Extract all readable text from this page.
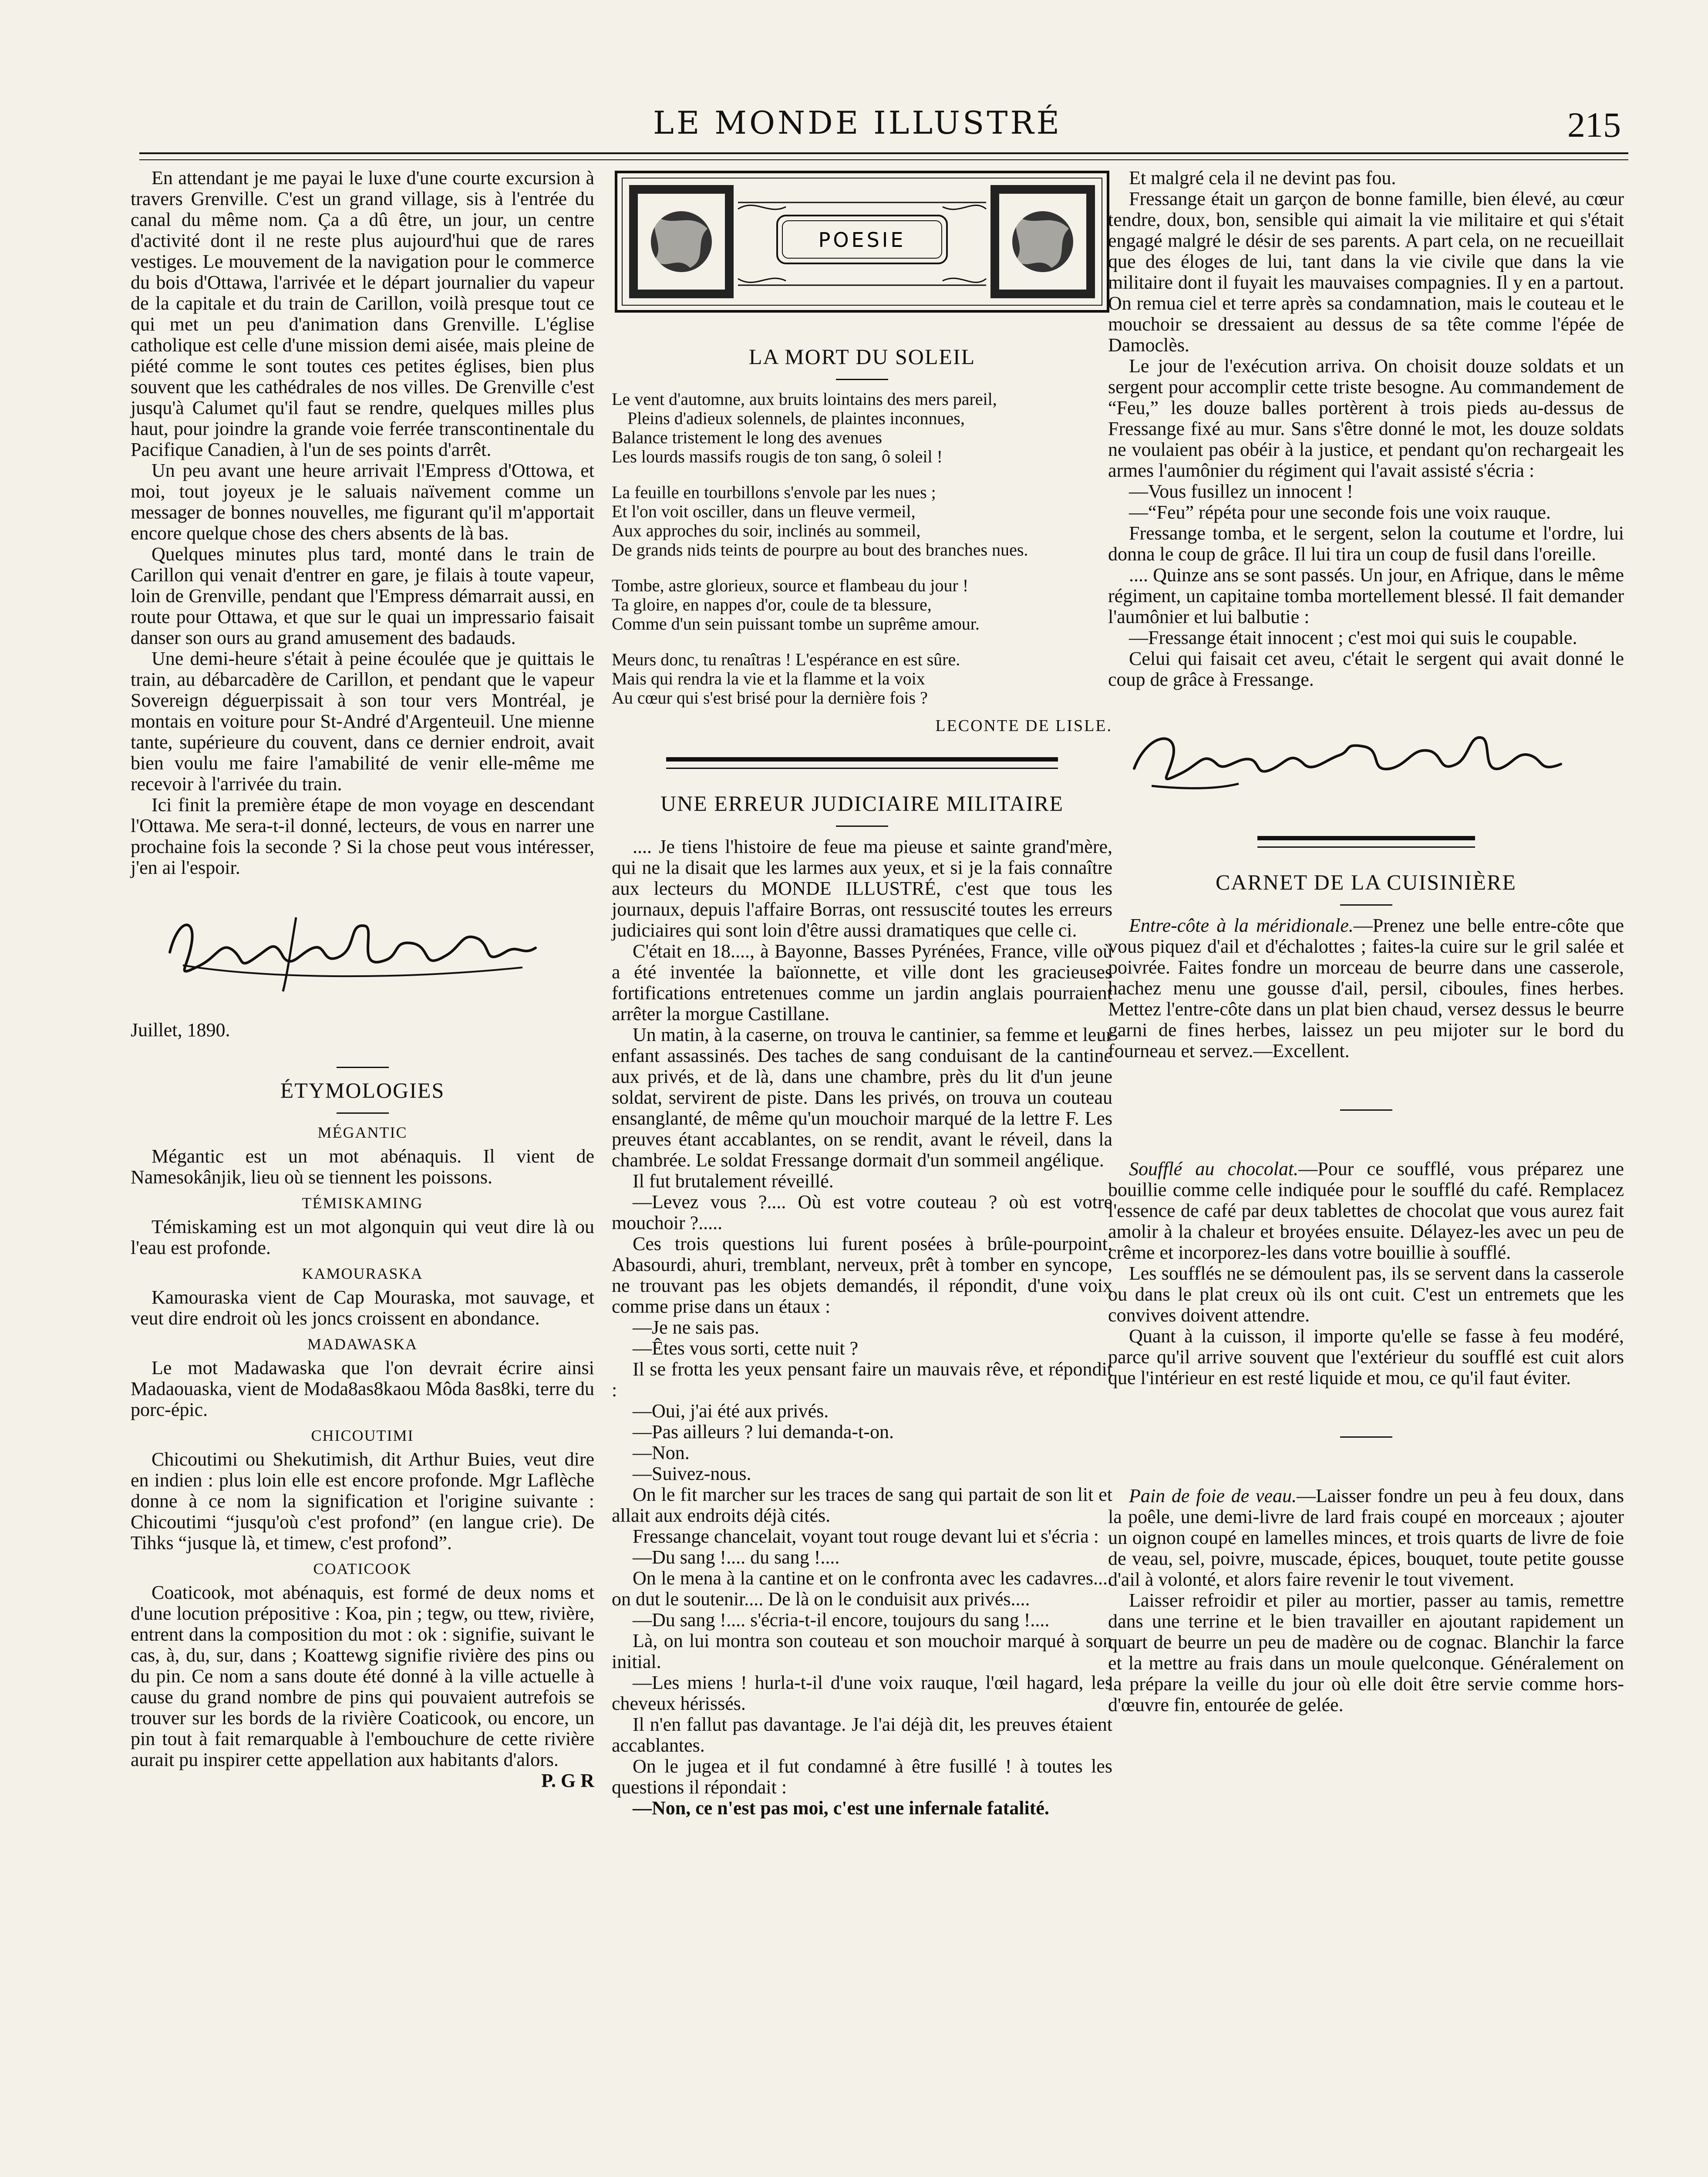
LE MONDE ILLUSTRÉ	215

En attendant je me payai le luxe d'une courte excursion à travers Grenville. C'est un grand village, sis à l'entrée du canal du même nom. Ça a dû être, un jour, un centre d'activité dont il ne reste plus aujourd'hui que de rares vestiges. Le mouvement de la navigation pour le commerce du bois d'Ottawa, l'arrivée et le départ journalier du vapeur de la capitale et du train de Carillon, voilà presque tout ce qui met un peu d'animation dans Grenville. L'église catholique est celle d'une mission demi aisée, mais pleine de piété comme le sont toutes ces petites églises, bien plus souvent que les cathédrales de nos villes. De Grenville c'est jusqu'à Calumet qu'il faut se rendre, quelques milles plus haut, pour joindre la grande voie ferrée transcontinentale du Pacifique Canadien, à l'un de ses points d'arrêt.

Un peu avant une heure arrivait l'Empress d'Ottowa, et moi, tout joyeux je le saluais naïvement comme un messager de bonnes nouvelles, me figurant qu'il m'apportait encore quelque chose des chers absents de là bas.

Quelques minutes plus tard, monté dans le train de Carillon qui venait d'entrer en gare, je filais à toute vapeur, loin de Grenville, pendant que l'Empress démarrait aussi, en route pour Ottawa, et que sur le quai un impressario faisait danser son ours au grand amusement des badauds.

Une demi-heure s'était à peine écoulée que je quittais le train, au débarcadère de Carillon, et pendant que le vapeur Sovereign déguerpissait à son tour vers Montréal, je montais en voiture pour St-André d'Argenteuil. Une mienne tante, supérieure du couvent, dans ce dernier endroit, avait bien voulu me faire l'amabilité de venir elle-même me recevoir à l'arrivée du train.

Ici finit la première étape de mon voyage en descendant l'Ottawa. Me sera-t-il donné, lecteurs, de vous en narrer une prochaine fois la seconde ? Si la chose peut vous intéresser, j'en ai l'espoir.

Juillet, 1890.

ÉTYMOLOGIES
MÉGANTIC

Mégantic est un mot abénaquis. Il vient de Namesokânjik, lieu où se tiennent les poissons.

TÉMISKAMING

Témiskaming est un mot algonquin qui veut dire là ou l'eau est profonde.

KAMOURASKA

Kamouraska vient de Cap Mouraska, mot sauvage, et veut dire endroit où les joncs croissent en abondance.

MADAWASKA

Le mot Madawaska que l'on devrait écrire ainsi Madaouaska, vient de Moda8as8kaou Môda 8as8ki, terre du porc-épic.

CHICOUTIMI

Chicoutimi ou Shekutimish, dit Arthur Buies, veut dire en indien : plus loin elle est encore profonde. Mgr Laflèche donne à ce nom la signification et l'origine suivante : Chicoutimi “jusqu'où c'est profond” (en langue crie). De Tihks “jusque là, et timew, c'est profond”.

COATICOOK

Coaticook, mot abénaquis, est formé de deux noms et d'une locution prépositive : Koa, pin ; tegw, ou ttew, rivière, entrent dans la composition du mot : ok : signifie, suivant le cas, à, du, sur, dans ; Koattewg signifie rivière des pins ou du pin. Ce nom a sans doute été donné à la ville actuelle à cause du grand nombre de pins qui pouvaient autrefois se trouver sur les bords de la rivière Coaticook, ou encore, un pin tout à fait remarquable à l'embouchure de cette rivière aurait pu inspirer cette appellation aux habitants d'alors.
P. G R

POESIE
LA MORT DU SOLEIL
Le vent d'automne, aux bruits lointains des mers pareil,
Pleins d'adieux solennels, de plaintes inconnues,
Balance tristement le long des avenues
Les lourds massifs rougis de ton sang, ô soleil !
La feuille en tourbillons s'envole par les nues ;
Et l'on voit osciller, dans un fleuve vermeil,
Aux approches du soir, inclinés au sommeil,
De grands nids teints de pourpre au bout des branches nues.
Tombe, astre glorieux, source et flambeau du jour !
Ta gloire, en nappes d'or, coule de ta blessure,
Comme d'un sein puissant tombe un suprême amour.
Meurs donc, tu renaîtras ! L'espérance en est sûre.
Mais qui rendra la vie et la flamme et la voix
Au cœur qui s'est brisé pour la dernière fois ?
LECONTE DE LISLE.
UNE ERREUR JUDICIAIRE MILITAIRE

.... Je tiens l'histoire de feue ma pieuse et sainte grand'mère, qui ne la disait que les larmes aux yeux, et si je la fais connaître aux lecteurs du MONDE ILLUSTRÉ, c'est que tous les journaux, depuis l'affaire Borras, ont ressuscité toutes les erreurs judiciaires qui sont loin d'être aussi dramatiques que celle ci.

C'était en 18...., à Bayonne, Basses Pyrénées, France, ville où a été inventée la baïonnette, et ville dont les gracieuses fortifications entretenues comme un jardin anglais pourraient arrêter la morgue Castillane.

Un matin, à la caserne, on trouva le cantinier, sa femme et leur enfant assassinés. Des taches de sang conduisant de la cantine aux privés, et de là, dans une chambre, près du lit d'un jeune soldat, servirent de piste. Dans les privés, on trouva un couteau ensanglanté, de même qu'un mouchoir marqué de la lettre F. Les preuves étant accablantes, on se rendit, avant le réveil, dans la chambrée. Le soldat Fressange dormait d'un sommeil angélique.

Il fut brutalement réveillé.

—Levez vous ?.... Où est votre couteau ? où est votre mouchoir ?.....

Ces trois questions lui furent posées à brûle-pourpoint. Abasourdi, ahuri, tremblant, nerveux, prêt à tomber en syncope, ne trouvant pas les objets demandés, il répondit, d'une voix comme prise dans un étaux :

—Je ne sais pas.

—Êtes vous sorti, cette nuit ?

Il se frotta les yeux pensant faire un mauvais rêve, et répondit :

—Oui, j'ai été aux privés.

—Pas ailleurs ? lui demanda-t-on.

—Non.

—Suivez-nous.

On le fit marcher sur les traces de sang qui partait de son lit et allait aux endroits déjà cités.

Fressange chancelait, voyant tout rouge devant lui et s'écria :

—Du sang !.... du sang !....

On le mena à la cantine et on le confronta avec les cadavres.... on dut le soutenir.... De là on le conduisit aux privés....

—Du sang !.... s'écria-t-il encore, toujours du sang !....

Là, on lui montra son couteau et son mouchoir marqué à son initial.

—Les miens ! hurla-t-il d'une voix rauque, l'œil hagard, les cheveux hérissés.

Il n'en fallut pas davantage. Je l'ai déjà dit, les preuves étaient accablantes.

On le jugea et il fut condamné à être fusillé ! à toutes les questions il répondait :

—Non, ce n'est pas moi, c'est une infernale fatalité.

Et malgré cela il ne devint pas fou.

Fressange était un garçon de bonne famille, bien élevé, au cœur tendre, doux, bon, sensible qui aimait la vie militaire et qui s'était engagé malgré le désir de ses parents. A part cela, on ne recueillait que des éloges de lui, tant dans la vie civile que dans la vie militaire dont il fuyait les mauvaises compagnies. Il y en a partout. On remua ciel et terre après sa condamnation, mais le couteau et le mouchoir se dressaient au dessus de sa tête comme l'épée de Damoclès.

Le jour de l'exécution arriva. On choisit douze soldats et un sergent pour accomplir cette triste besogne. Au commandement de “Feu,” les douze balles portèrent à trois pieds au-dessus de Fressange fixé au mur. Sans s'être donné le mot, les douze soldats ne voulaient pas obéir à la justice, et pendant qu'on rechargeait les armes l'aumônier du régiment qui l'avait assisté s'écria :

—Vous fusillez un innocent !

—“Feu” répéta pour une seconde fois une voix rauque.

Fressange tomba, et le sergent, selon la coutume et l'ordre, lui donna le coup de grâce. Il lui tira un coup de fusil dans l'oreille.

.... Quinze ans se sont passés. Un jour, en Afrique, dans le même régiment, un capitaine tomba mortellement blessé. Il fait demander l'aumônier et lui balbutie :

—Fressange était innocent ; c'est moi qui suis le coupable.

Celui qui faisait cet aveu, c'était le sergent qui avait donné le coup de grâce à Fressange.

CARNET DE LA CUISINIÈRE

Entre-côte à la méridionale.—Prenez une belle entre-côte que vous piquez d'ail et d'échalottes ; faites-la cuire sur le gril salée et poivrée. Faites fondre un morceau de beurre dans une casserole, hachez menu une gousse d'ail, persil, ciboules, fines herbes. Mettez l'entre-côte dans un plat bien chaud, versez dessus le beurre garni de fines herbes, laissez un peu mijoter sur le bord du fourneau et servez.—Excellent.

Soufflé au chocolat.—Pour ce soufflé, vous préparez une bouillie comme celle indiquée pour le soufflé du café. Remplacez l'essence de café par deux tablettes de chocolat que vous aurez fait amolir à la chaleur et broyées ensuite. Délayez-les avec un peu de crême et incorporez-les dans votre bouillie à soufflé.

Les soufflés ne se démoulent pas, ils se servent dans la casserole ou dans le plat creux où ils ont cuit. C'est un entremets que les convives doivent attendre.

Quant à la cuisson, il importe qu'elle se fasse à feu modéré, parce qu'il arrive souvent que l'extérieur du soufflé est cuit alors que l'intérieur en est resté liquide et mou, ce qu'il faut éviter.

Pain de foie de veau.—Laisser fondre un peu à feu doux, dans la poêle, une demi-livre de lard frais coupé en morceaux ; ajouter un oignon coupé en lamelles minces, et trois quarts de livre de foie de veau, sel, poivre, muscade, épices, bouquet, toute petite gousse d'ail à volonté, et alors faire revenir le tout vivement.

Laisser refroidir et piler au mortier, passer au tamis, remettre dans une terrine et le bien travailler en ajoutant rapidement un quart de beurre un peu de madère ou de cognac. Blanchir la farce et la mettre au frais dans un moule quelconque. Généralement on la prépare la veille du jour où elle doit être servie comme hors-d'œuvre fin, entourée de gelée.
